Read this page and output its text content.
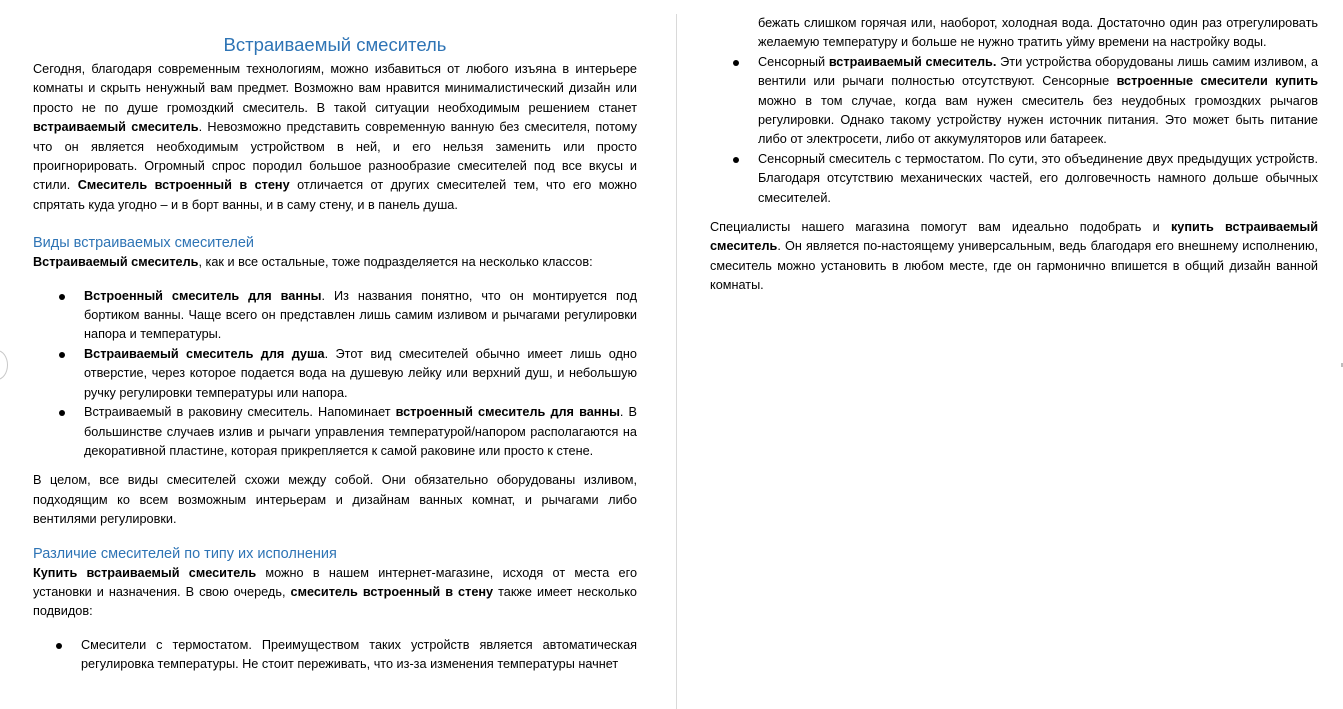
Встраиваемый смеситель

Сегодня, благодаря современным технологиям, можно избавиться от любого изъяна в интерьере комнаты и скрыть ненужный вам предмет. Возможно вам нравится минималистический дизайн или просто не по душе громоздкий смеситель. В такой ситуации необходимым решением станет встраиваемый смеситель. Невозможно представить современную ванную без смесителя, потому что он является необходимым устройством в ней, и его нельзя заменить или просто проигнорировать. Огромный спрос породил большое разнообразие смесителей под все вкусы и стили. Смеситель встроенный в стену отличается от других смесителей тем, что его можно спрятать куда угодно – и в борт ванны, и в саму стену, и в панель душа.

Виды встраиваемых смесителей

Встраиваемый смеситель, как и все остальные, тоже подразделяется на несколько классов:

Встроенный смеситель для ванны. Из названия понятно, что он монтируется под бортиком ванны. Чаще всего он представлен лишь самим изливом и рычагами регулировки напора и температуры.
Встраиваемый смеситель для душа. Этот вид смесителей обычно имеет лишь одно отверстие, через которое подается вода на душевую лейку или верхний душ, и небольшую ручку регулировки температуры или напора.
Встраиваемый в раковину смеситель. Напоминает встроенный смеситель для ванны. В большинстве случаев излив и рычаги управления температурой/напором располагаются на декоративной пластине, которая прикрепляется к самой раковине или просто к стене.

В целом, все виды смесителей схожи между собой. Они обязательно оборудованы изливом, подходящим ко всем возможным интерьерам и дизайнам ванных комнат, и рычагами либо вентилями регулировки.

Различие смесителей по типу их исполнения

Купить встраиваемый смеситель можно в нашем интернет-магазине, исходя от места его установки и назначения. В свою очередь, смеситель встроенный в стену также имеет несколько подвидов:

Смесители с термостатом. Преимуществом таких устройств является автоматическая регулировка температуры. Не стоит переживать, что из-за изменения температуры начнет
бежать слишком горячая или, наоборот, холодная вода. Достаточно один раз отрегулировать желаемую температуру и больше не нужно тратить уйму времени на настройку воды.
Сенсорный встраиваемый смеситель. Эти устройства оборудованы лишь самим изливом, а вентили или рычаги полностью отсутствуют. Сенсорные встроенные смесители купить можно в том случае, когда вам нужен смеситель без неудобных громоздких рычагов регулировки. Однако такому устройству нужен источник питания. Это может быть питание либо от электросети, либо от аккумуляторов или батареек.
Сенсорный смеситель с термостатом. По сути, это объединение двух предыдущих устройств. Благодаря отсутствию механических частей, его долговечность намного дольше обычных смесителей.

Специалисты нашего магазина помогут вам идеально подобрать и купить встраиваемый смеситель. Он является по-настоящему универсальным, ведь благодаря его внешнему исполнению, смеситель можно установить в любом месте, где он гармонично впишется в общий дизайн ванной комнаты.
